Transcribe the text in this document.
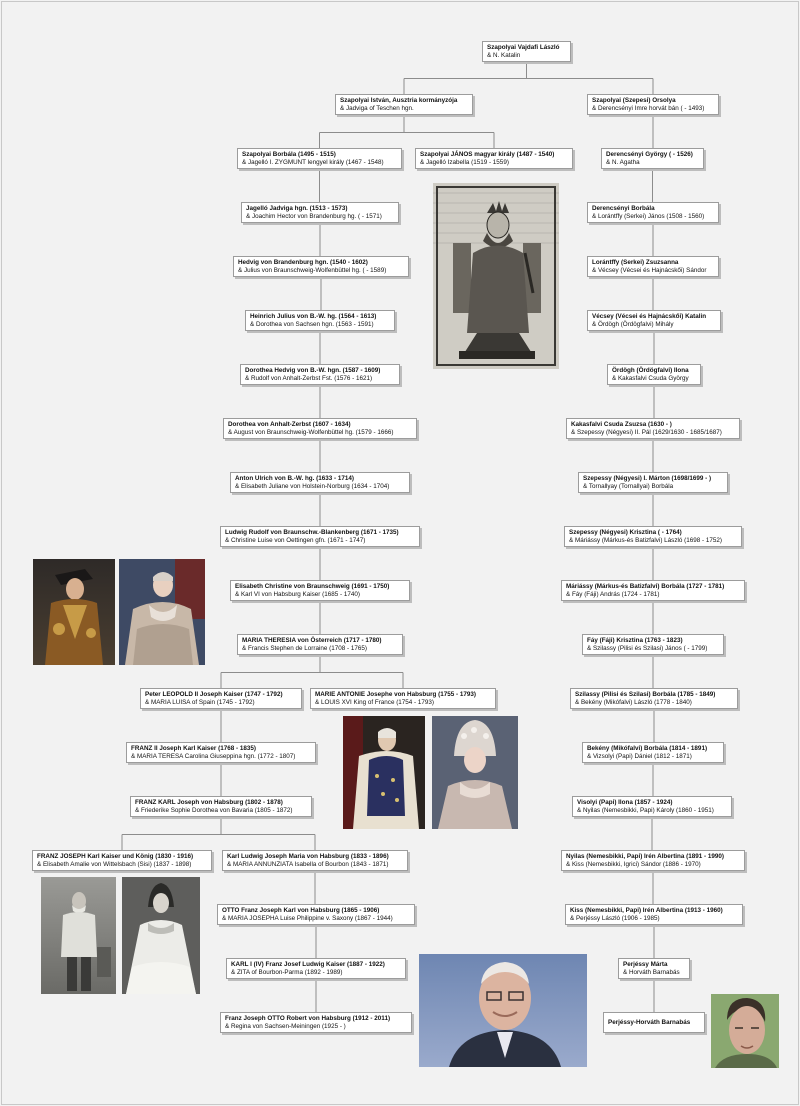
Szapolyai Vajdafi László
& N. Katalin
Szapolyai István, Ausztria kormányzója
& Jadviga of Teschen hgn.
Szapolyai (Szepesi) Orsolya
& Derencsényi Imre horvát bán ( - 1493)
Szapolyai Borbála (1495 - 1515)
& Jagelló I. ZYGMUNT lengyel király (1467 - 1548)
Szapolyai JÁNOS magyar király (1487 - 1540)
& Jagelló Izabella (1519 - 1559)
Derencsényi György ( - 1526)
& N. Agatha
Jagelló Jadviga hgn. (1513 - 1573)
& Joachim Hector von Brandenburg hg. ( - 1571)
Derencsényi Borbála
& Lorántffy (Serkei) János (1508 - 1560)
Hedvig von Brandenburg hgn. (1540 - 1602)
& Julius von Braunschweig-Wolfenbüttel hg. ( - 1589)
Lorántffy (Serkei) Zsuzsanna
& Vécsey (Vécsei és Hajnácskői) Sándor
Heinrich Julius von B.-W. hg. (1564 - 1613)
& Dorothea von Sachsen hgn. (1563 - 1591)
Vécsey (Vécsei és Hajnácskői) Katalin
& Ördögh (Ördögfalvi) Mihály
Dorothea Hedvig von B.-W. hgn. (1587 - 1609)
& Rudolf von Anhalt-Zerbst Fst. (1576 - 1621)
Ördögh (Ördögfalvi) Ilona
& Kakasfalvi Csuda György
Dorothea von Anhalt-Zerbst (1607 - 1634)
& August von Braunschweig-Wolfenbüttel hg. (1579 - 1666)
Kakasfalvi Csuda Zsuzsa (1630 - )
& Szepessy (Négyesi) II. Pál (1629/1630 - 1685/1687)
Anton Ulrich von B.-W. hg. (1633 - 1714)
& Elisabeth Juliane von Holstein-Norburg (1634 - 1704)
Szepessy (Négyesi) I. Márton (1698/1699 - )
& Tornallyay (Tornallyai) Borbála
Ludwig Rudolf von Braunschw.-Blankenberg (1671 - 1735)
& Christine Luise von Oettingen gfn. (1671 - 1747)
Szepessy (Négyesi) Krisztina ( - 1764)
& Máriássy (Márkus-és Batizfalvi) László (1698 - 1752)
Elisabeth Christine von Braunschweig (1691 - 1750)
& Karl VI von Habsburg Kaiser (1685 - 1740)
Máriássy (Márkus-és Batizfalvi) Borbála (1727 - 1781)
& Fáy (Fáji) András (1724 - 1781)
MARIA THERESIA von Österreich (1717 - 1780)
& Francis Stephen de Lorraine (1708 - 1765)
Fáy (Fáji) Krisztina (1763 - 1823)
& Szilassy (Pilisi és Szilasi) János ( - 1799)
Peter LEOPOLD II Joseph Kaiser (1747 - 1792)
& MARIA LUISA of Spain (1745 - 1792)
MARIE ANTONIE Josephe von Habsburg (1755 - 1793)
& LOUIS XVI King of France (1754 - 1793)
Szilassy (Pilisi és Szilasi) Borbála (1785 - 1849)
& Bekény (Mikófalvi) László (1778 - 1840)
FRANZ II Joseph Karl Kaiser (1768 - 1835)
& MARIA TERESA Carolina Giuseppina hgn. (1772 - 1807)
Bekény (Mikófalvi) Borbála (1814 - 1891)
& Vizsolyi (Papi) Dániel (1812 - 1871)
FRANZ KARL Joseph von Habsburg (1802 - 1878)
& Friederike Sophie Dorothea von Bavaria (1805 - 1872)
Visolyi (Papi) Ilona (1857 - 1924)
& Nyilas (Nemesbikki, Papi) Károly (1860 - 1951)
FRANZ JOSEPH Karl Kaiser und König (1830 - 1916)
& Elisabeth Amalie von Wittelsbach (Sisi) (1837 - 1898)
Karl Ludwig Joseph Maria von Habsburg (1833 - 1896)
& MARIA ANNUNZIATA Isabella of Bourbon (1843 - 1871)
Nyilas (Nemesbikki, Papi) Irén Albertina (1891 - 1990)
& Kiss (Nemesbikki, Igrici) Sándor (1886 - 1970)
OTTO Franz Joseph Karl von Habsburg (1865 - 1906)
& MARIA JOSEPHA Luise Philippine v. Saxony (1867 - 1944)
Kiss (Nemesbikki, Papi) Irén Albertina (1913 - 1960)
& Perjéssy László (1906 - 1985)
KARL I (IV) Franz Josef Ludwig Kaiser (1887 - 1922)
& ZITA of Bourbon-Parma (1892 - 1989)
Perjéssy Márta
& Horváth Barnabás
Franz Joseph OTTO Robert von Habsburg (1912 - 2011)
& Regina von Sachsen-Meiningen (1925 - )
Perjéssy-Horváth Barnabás
